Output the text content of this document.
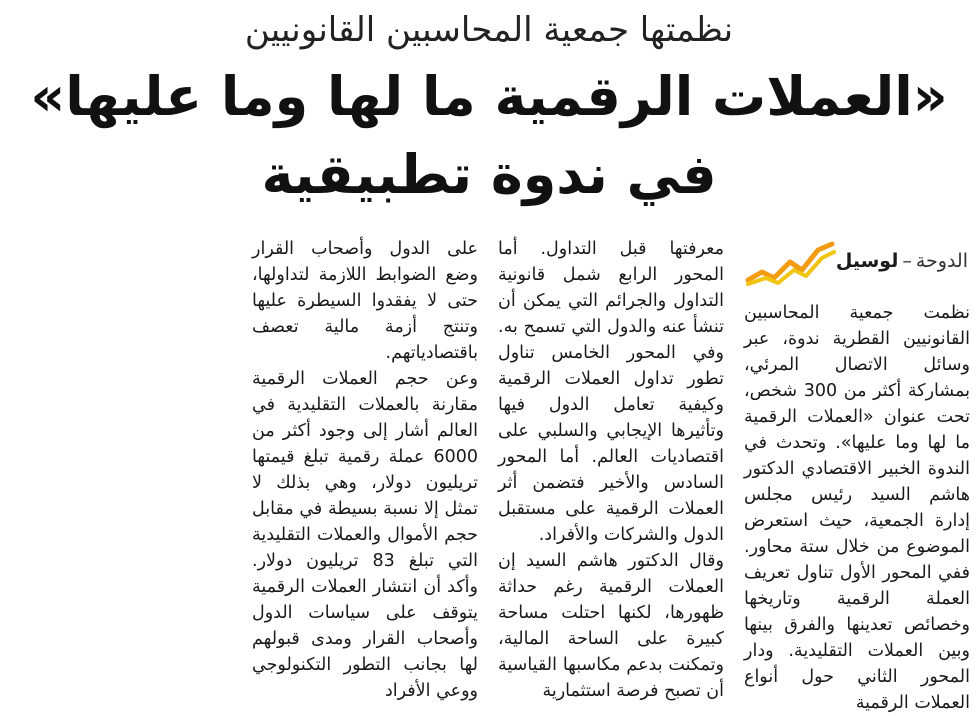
نظمتها جمعية المحاسبين القانونيين
«العملات الرقمية ما لها وما عليها»
في ندوة تطبيقية
الدوحة–لوسيل

نظمت جمعية المحاسبين القانونيين القطرية ندوة، عبر وسائل الاتصال المرئي، بمشاركة أكثر من 300 شخص، تحت عنوان «العملات الرقمية ما لها وما عليها». وتحدث في الندوة الخبير الاقتصادي الدكتور هاشم السيد رئيس مجلس إدارة الجمعية، حيث استعرض الموضوع من خلال ستة محاور. ففي المحور الأول تناول تعريف العملة الرقمية وتاريخها وخصائص تعدينها والفرق بينها وبين العملات التقليدية. ودار المحور الثاني حول أنواع العملات الرقمية

معرفتها قبل التداول. أما المحور الرابع شمل قانونية التداول والجرائم التي يمكن أن تنشأ عنه والدول التي تسمح به. وفي المحور الخامس تناول تطور تداول العملات الرقمية وكيفية تعامل الدول فيها وتأثيرها الإيجابي والسلبي على اقتصاديات العالم. أما المحور السادس والأخير فتضمن أثر العملات الرقمية على مستقبل الدول والشركات والأفراد.

وقال الدكتور هاشم السيد إن العملات الرقمية رغم حداثة ظهورها، لكنها احتلت مساحة كبيرة على الساحة المالية، وتمكنت بدعم مكاسبها القياسية أن تصبح فرصة استثمارية

على الدول وأصحاب القرار وضع الضوابط اللازمة لتداولها، حتى لا يفقدوا السيطرة عليها وتنتج أزمة مالية تعصف باقتصادياتهم.

وعن حجم العملات الرقمية مقارنة بالعملات التقليدية في العالم أشار إلى وجود أكثر من 6000 عملة رقمية تبلغ قيمتها تريليون دولار، وهي بذلك لا تمثل إلا نسبة بسيطة في مقابل حجم الأموال والعملات التقليدية التي تبلغ 83 تريليون دولار. وأكد أن انتشار العملات الرقمية يتوقف على سياسات الدول وأصحاب القرار ومدى قبولهم لها بجانب التطور التكنولوجي ووعي الأفراد
